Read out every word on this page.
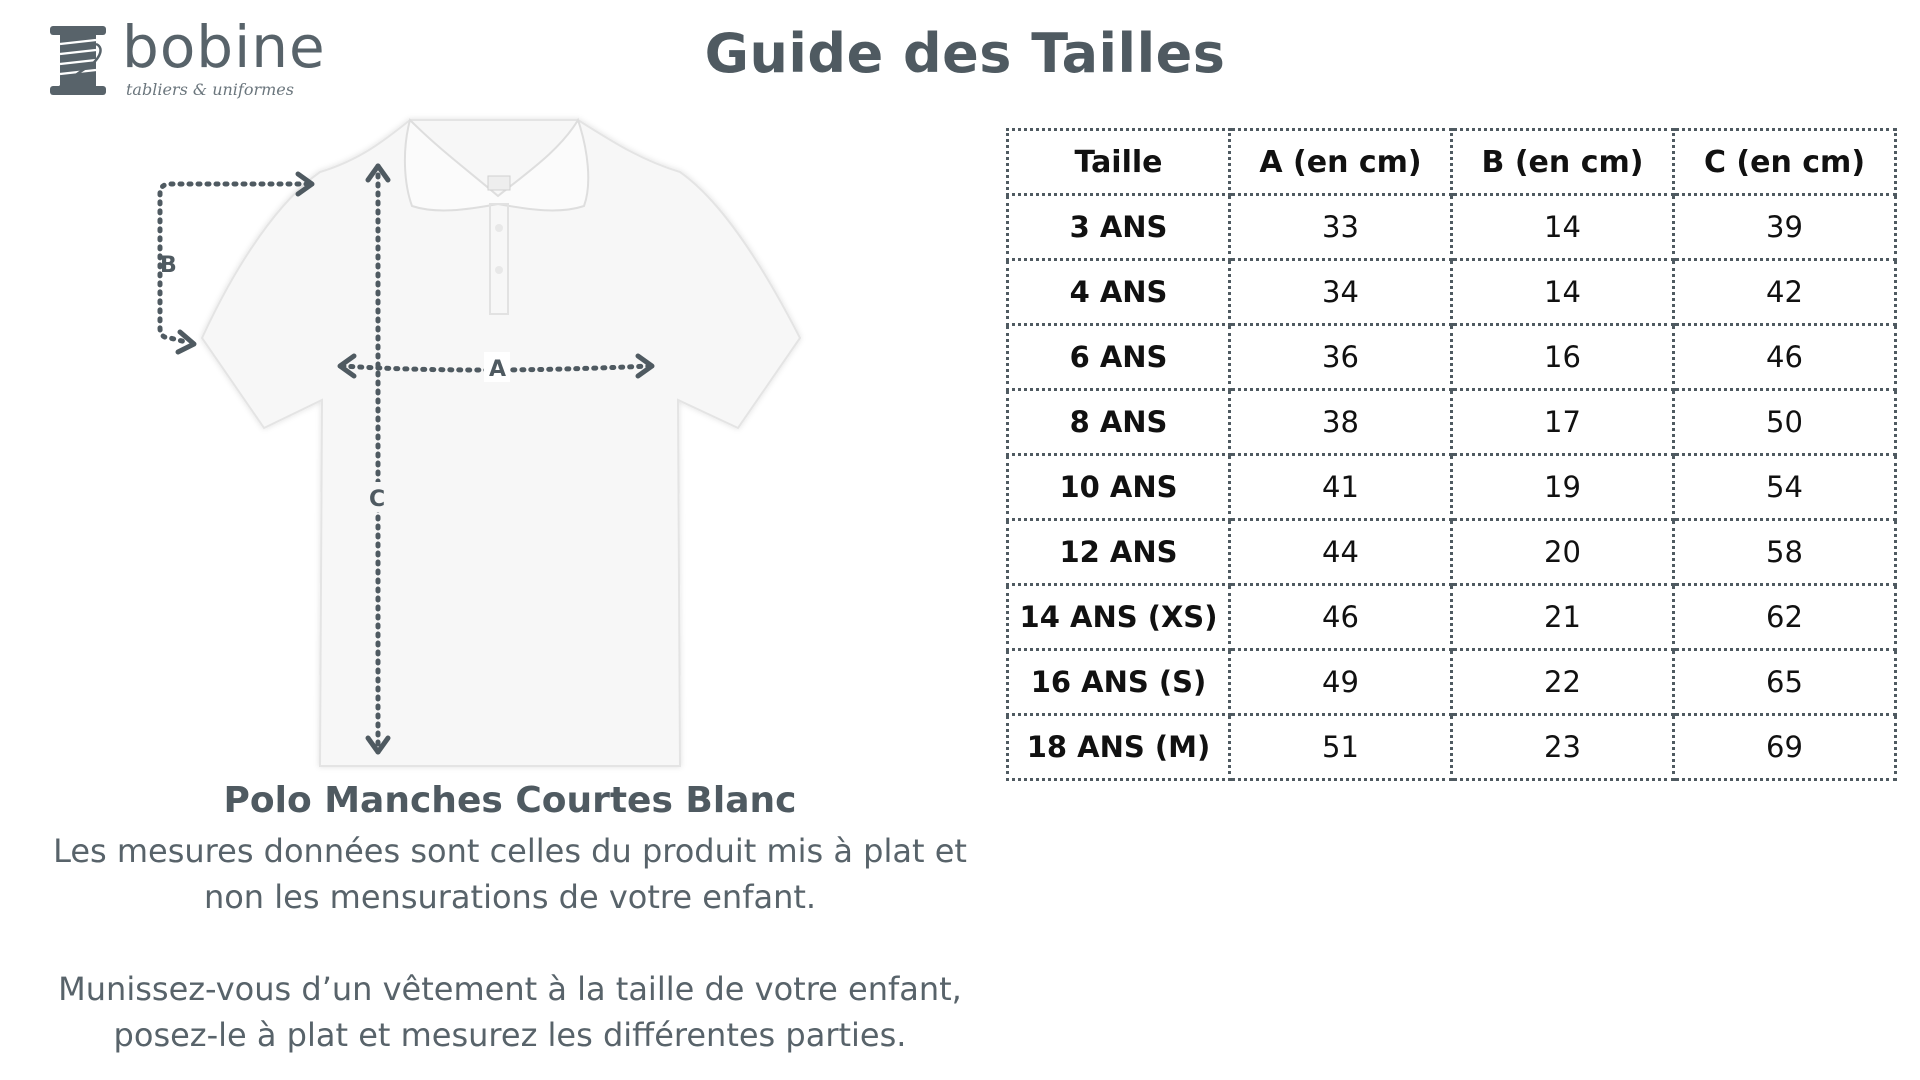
bobine
tabliers & uniformes
Guide des Tailles
B
A
C
Polo Manches Courtes Blanc

Les mesures données sont celles du produit mis à plat et
non les mensurations de votre enfant.

Munissez-vous d’un vêtement à la taille de votre enfant,
posez-le à plat et mesurez les différentes parties.

Taille	A (en cm)	B (en cm)	C (en cm)
3 ANS	33	14	39
4 ANS	34	14	42
6 ANS	36	16	46
8 ANS	38	17	50
10 ANS	41	19	54
12 ANS	44	20	58
14 ANS (XS)	46	21	62
16 ANS (S)	49	22	65
18 ANS (M)	51	23	69
